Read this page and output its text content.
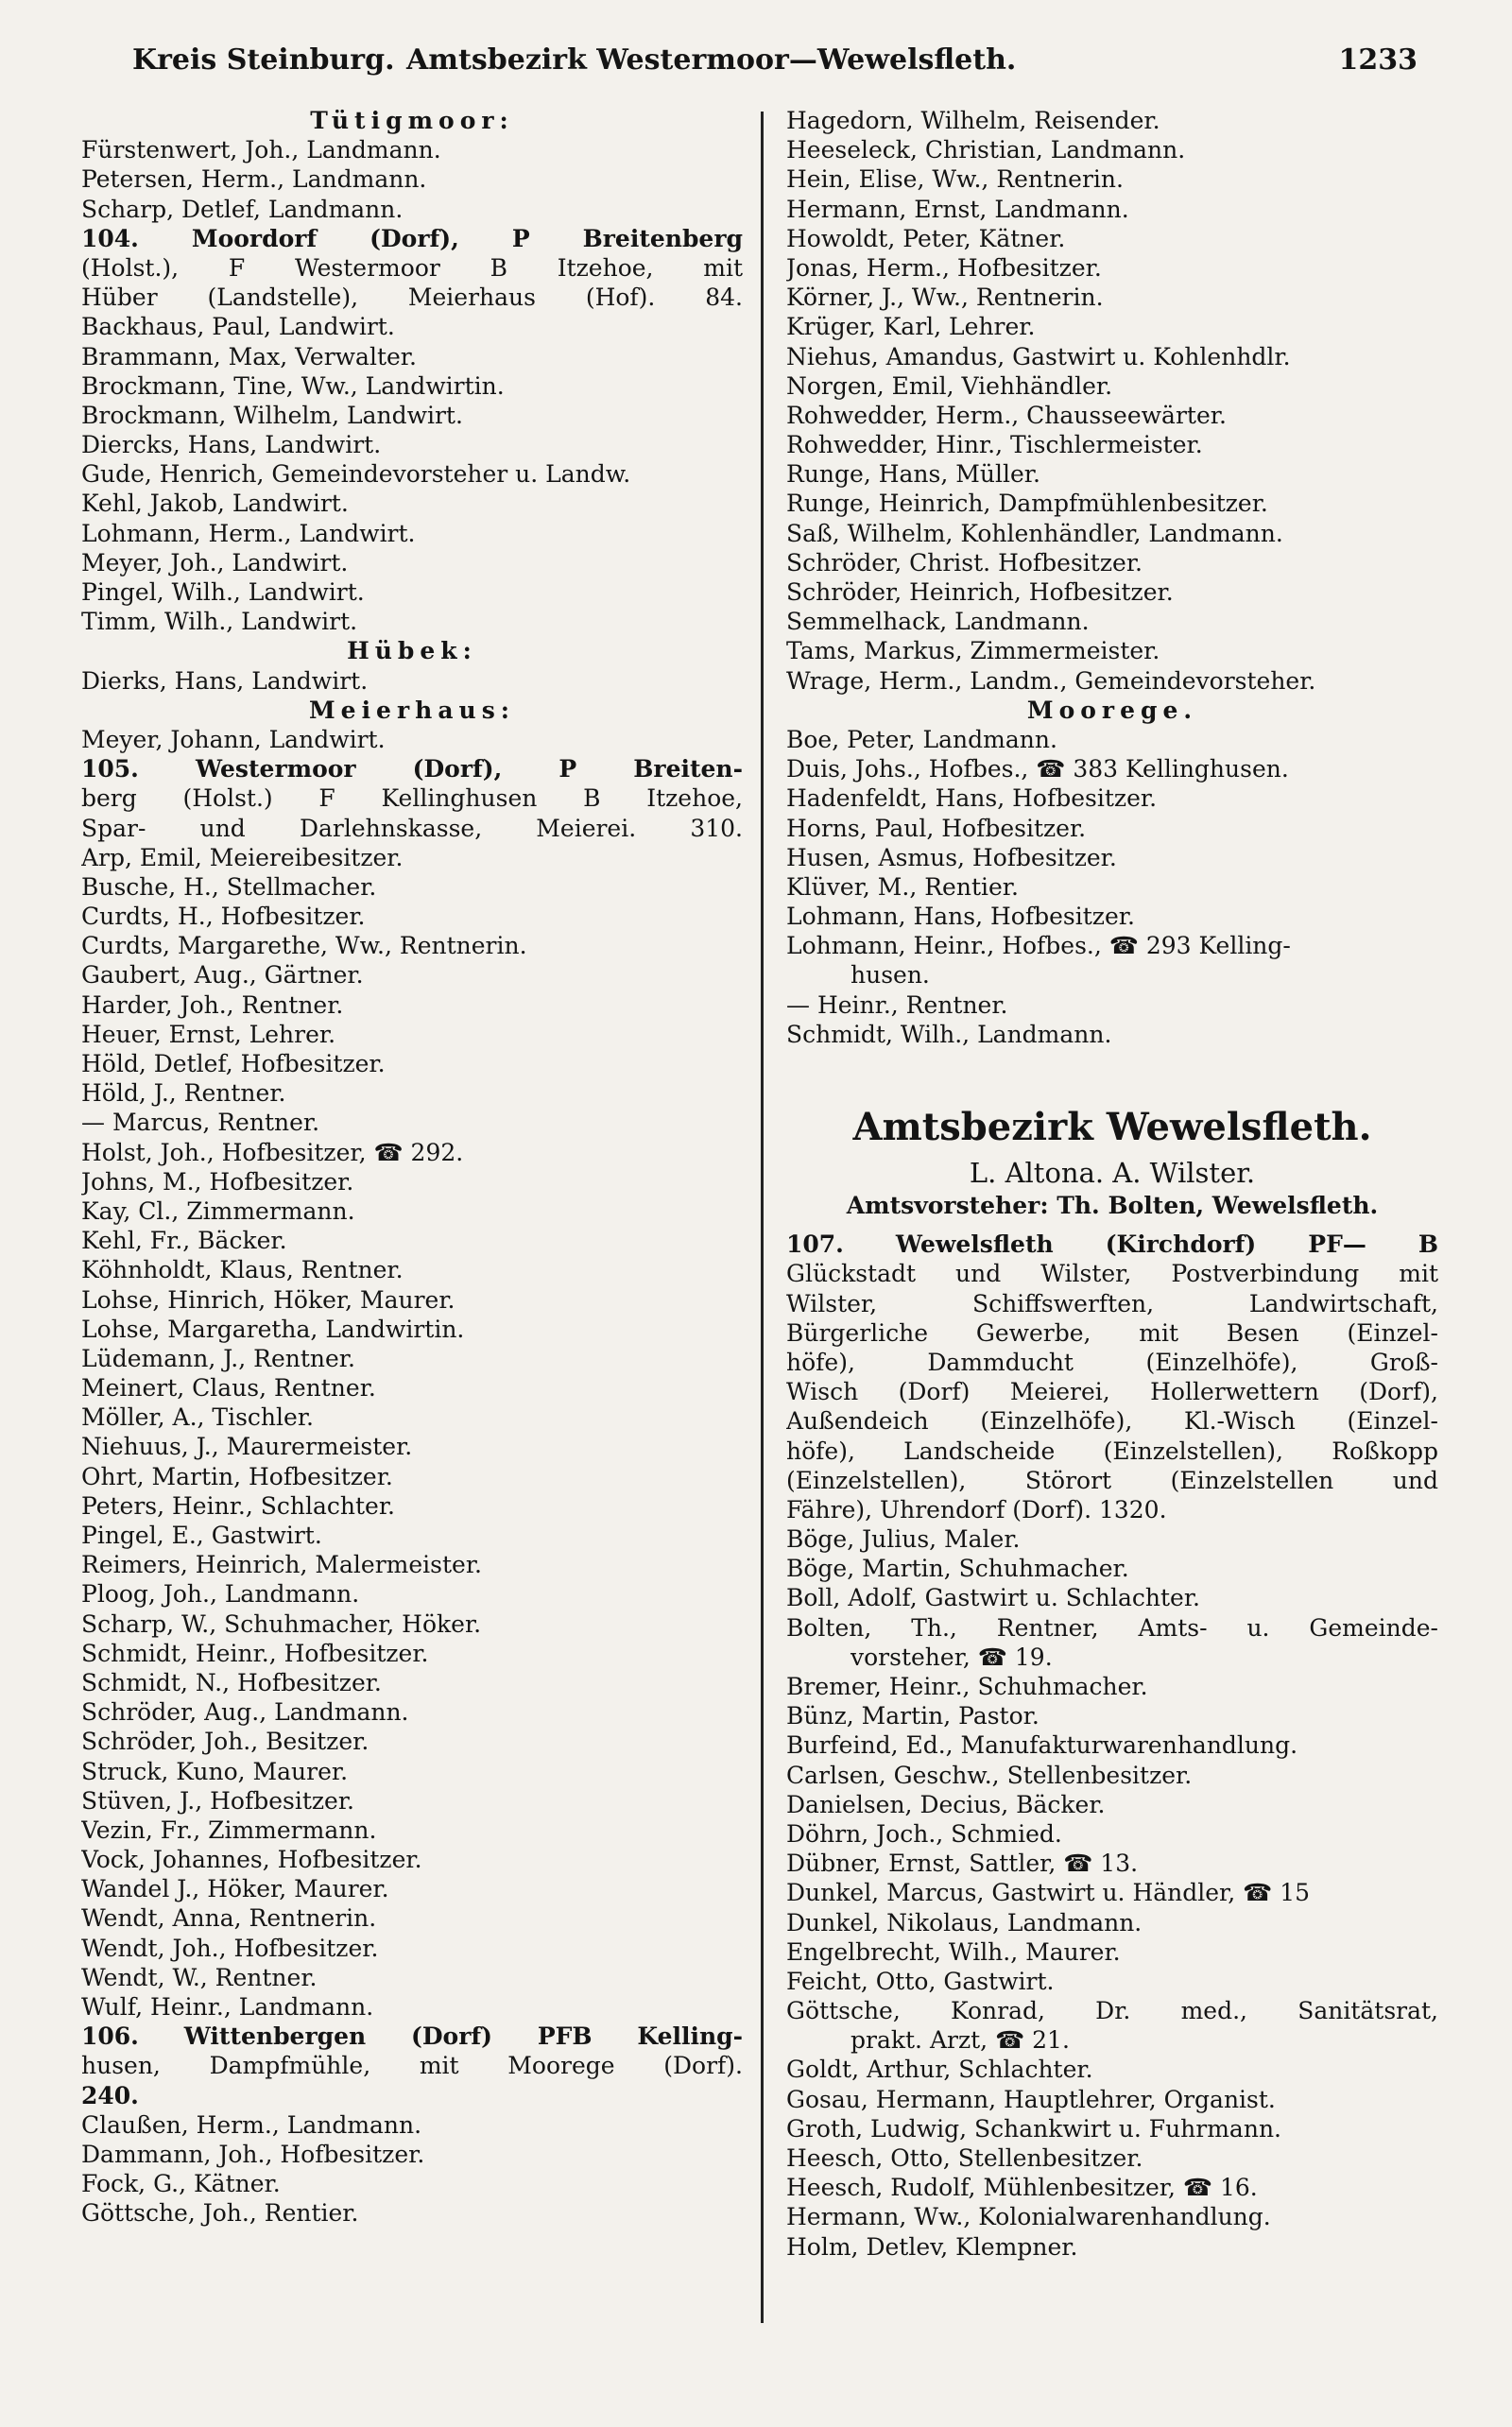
Kreis Steinburg. Amtsbezirk Westermoor—Wewelsfleth.	1233
Tütigmoor:
Fürstenwert, Joh., Landmann.
Petersen, Herm., Landmann.
Scharp, Detlef, Landmann.
104. Moordorf (Dorf), P Breitenberg
(Holst.), F Westermoor B Itzehoe, mit
Hüber (Landstelle), Meierhaus (Hof). 84.
Backhaus, Paul, Landwirt.
Brammann, Max, Verwalter.
Brockmann, Tine, Ww., Landwirtin.
Brockmann, Wilhelm, Landwirt.
Diercks, Hans, Landwirt.
Gude, Henrich, Gemeindevorsteher u. Landw.
Kehl, Jakob, Landwirt.
Lohmann, Herm., Landwirt.
Meyer, Joh., Landwirt.
Pingel, Wilh., Landwirt.
Timm, Wilh., Landwirt.
Hübek:
Dierks, Hans, Landwirt.
Meierhaus:
Meyer, Johann, Landwirt.
105. Westermoor (Dorf), P Breiten-
berg (Holst.) F Kellinghusen B Itzehoe,
Spar- und Darlehnskasse, Meierei. 310.
Arp, Emil, Meiereibesitzer.
Busche, H., Stellmacher.
Curdts, H., Hofbesitzer.
Curdts, Margarethe, Ww., Rentnerin.
Gaubert, Aug., Gärtner.
Harder, Joh., Rentner.
Heuer, Ernst, Lehrer.
Höld, Detlef, Hofbesitzer.
Höld, J., Rentner.
— Marcus, Rentner.
Holst, Joh., Hofbesitzer, ☎ 292.
Johns, M., Hofbesitzer.
Kay, Cl., Zimmermann.
Kehl, Fr., Bäcker.
Köhnholdt, Klaus, Rentner.
Lohse, Hinrich, Höker, Maurer.
Lohse, Margaretha, Landwirtin.
Lüdemann, J., Rentner.
Meinert, Claus, Rentner.
Möller, A., Tischler.
Niehuus, J., Maurermeister.
Ohrt, Martin, Hofbesitzer.
Peters, Heinr., Schlachter.
Pingel, E., Gastwirt.
Reimers, Heinrich, Malermeister.
Ploog, Joh., Landmann.
Scharp, W., Schuhmacher, Höker.
Schmidt, Heinr., Hofbesitzer.
Schmidt, N., Hofbesitzer.
Schröder, Aug., Landmann.
Schröder, Joh., Besitzer.
Struck, Kuno, Maurer.
Stüven, J., Hofbesitzer.
Vezin, Fr., Zimmermann.
Vock, Johannes, Hofbesitzer.
Wandel J., Höker, Maurer.
Wendt, Anna, Rentnerin.
Wendt, Joh., Hofbesitzer.
Wendt, W., Rentner.
Wulf, Heinr., Landmann.
106. Wittenbergen (Dorf) PFB Kelling-
husen, Dampfmühle, mit Moorege (Dorf).
240.
Claußen, Herm., Landmann.
Dammann, Joh., Hofbesitzer.
Fock, G., Kätner.
Göttsche, Joh., Rentier.
Hagedorn, Wilhelm, Reisender.
Heeseleck, Christian, Landmann.
Hein, Elise, Ww., Rentnerin.
Hermann, Ernst, Landmann.
Howoldt, Peter, Kätner.
Jonas, Herm., Hofbesitzer.
Körner, J., Ww., Rentnerin.
Krüger, Karl, Lehrer.
Niehus, Amandus, Gastwirt u. Kohlenhdlr.
Norgen, Emil, Viehhändler.
Rohwedder, Herm., Chausseewärter.
Rohwedder, Hinr., Tischlermeister.
Runge, Hans, Müller.
Runge, Heinrich, Dampfmühlenbesitzer.
Saß, Wilhelm, Kohlenhändler, Landmann.
Schröder, Christ. Hofbesitzer.
Schröder, Heinrich, Hofbesitzer.
Semmelhack, Landmann.
Tams, Markus, Zimmermeister.
Wrage, Herm., Landm., Gemeindevorsteher.
Moorege.
Boe, Peter, Landmann.
Duis, Johs., Hofbes., ☎ 383 Kellinghusen.
Hadenfeldt, Hans, Hofbesitzer.
Horns, Paul, Hofbesitzer.
Husen, Asmus, Hofbesitzer.
Klüver, M., Rentier.
Lohmann, Hans, Hofbesitzer.
Lohmann, Heinr., Hofbes., ☎ 293 Kelling-
husen.
— Heinr., Rentner.
Schmidt, Wilh., Landmann.
Amtsbezirk Wewelsfleth.
L. Altona. A. Wilster.
Amtsvorsteher: Th. Bolten, Wewelsfleth.
107. Wewelsfleth (Kirchdorf) PF— B
Glückstadt und Wilster, Postverbindung mit
Wilster, Schiffswerften, Landwirtschaft,
Bürgerliche Gewerbe, mit Besen (Einzel-
höfe), Dammducht (Einzelhöfe), Groß-
Wisch (Dorf) Meierei, Hollerwettern (Dorf),
Außendeich (Einzelhöfe), Kl.-Wisch (Einzel-
höfe), Landscheide (Einzelstellen), Roßkopp
(Einzelstellen), Störort (Einzelstellen und
Fähre), Uhrendorf (Dorf). 1320.
Böge, Julius, Maler.
Böge, Martin, Schuhmacher.
Boll, Adolf, Gastwirt u. Schlachter.
Bolten, Th., Rentner, Amts- u. Gemeinde-
vorsteher, ☎ 19.
Bremer, Heinr., Schuhmacher.
Bünz, Martin, Pastor.
Burfeind, Ed., Manufakturwarenhandlung.
Carlsen, Geschw., Stellenbesitzer.
Danielsen, Decius, Bäcker.
Döhrn, Joch., Schmied.
Dübner, Ernst, Sattler, ☎ 13.
Dunkel, Marcus, Gastwirt u. Händler, ☎ 15
Dunkel, Nikolaus, Landmann.
Engelbrecht, Wilh., Maurer.
Feicht, Otto, Gastwirt.
Göttsche, Konrad, Dr. med., Sanitätsrat,
prakt. Arzt, ☎ 21.
Goldt, Arthur, Schlachter.
Gosau, Hermann, Hauptlehrer, Organist.
Groth, Ludwig, Schankwirt u. Fuhrmann.
Heesch, Otto, Stellenbesitzer.
Heesch, Rudolf, Mühlenbesitzer, ☎ 16.
Hermann, Ww., Kolonialwarenhandlung.
Holm, Detlev, Klempner.
